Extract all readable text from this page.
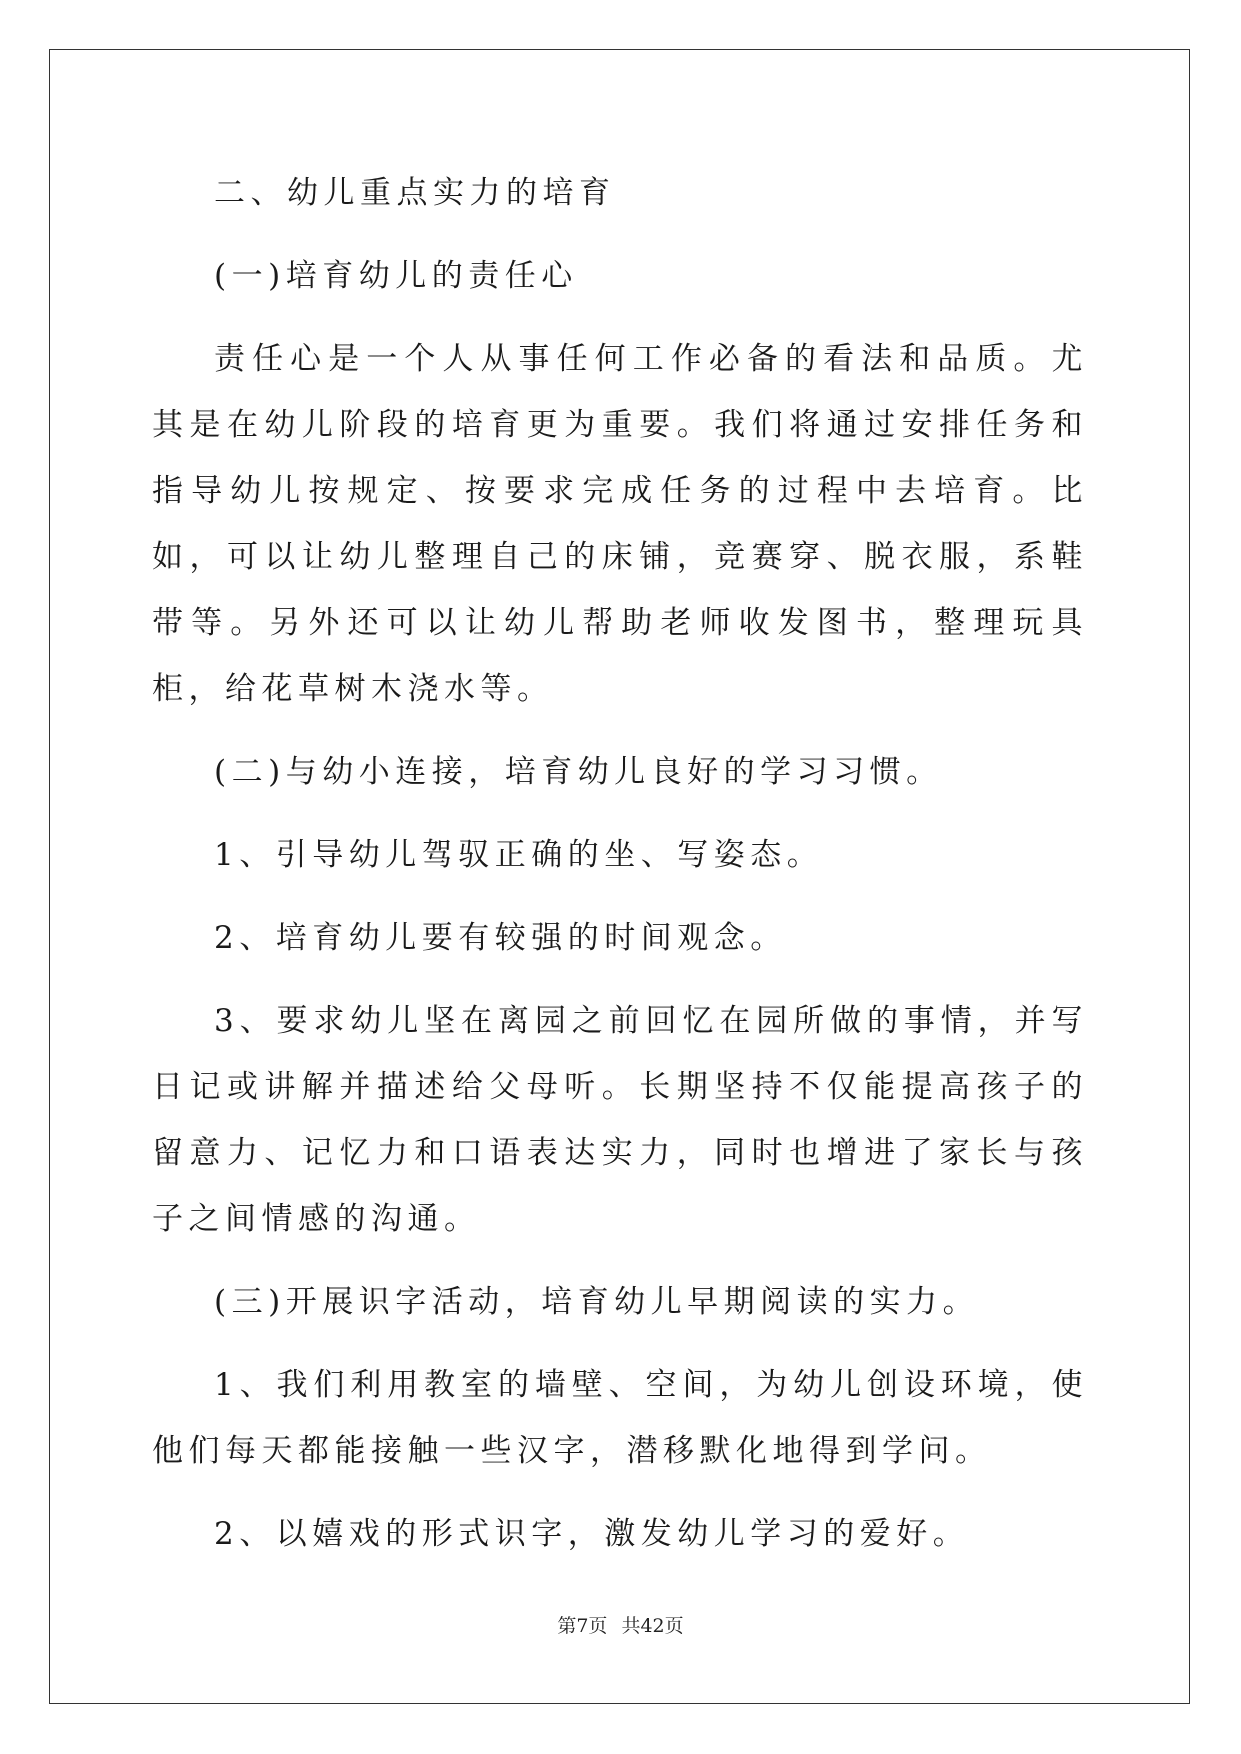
二、幼儿重点实力的培育

(一)培育幼儿的责任心

责任心是一个人从事任何工作必备的看法和品质。尤其是在幼儿阶段的培育更为重要。我们将通过安排任务和指导幼儿按规定、按要求完成任务的过程中去培育。比如，可以让幼儿整理自己的床铺，竞赛穿、脱衣服，系鞋带等。另外还可以让幼儿帮助老师收发图书，整理玩具柜，给花草树木浇水等。

(二)与幼小连接，培育幼儿良好的学习习惯。

1、引导幼儿驾驭正确的坐、写姿态。

2、培育幼儿要有较强的时间观念。

3、要求幼儿坚在离园之前回忆在园所做的事情，并写日记或讲解并描述给父母听。长期坚持不仅能提高孩子的留意力、记忆力和口语表达实力，同时也增进了家长与孩子之间情感的沟通。

(三)开展识字活动，培育幼儿早期阅读的实力。

1、我们利用教室的墙壁、空间，为幼儿创设环境，使他们每天都能接触一些汉字，潜移默化地得到学问。

2、以嬉戏的形式识字，激发幼儿学习的爱好。

第7页 共42页
